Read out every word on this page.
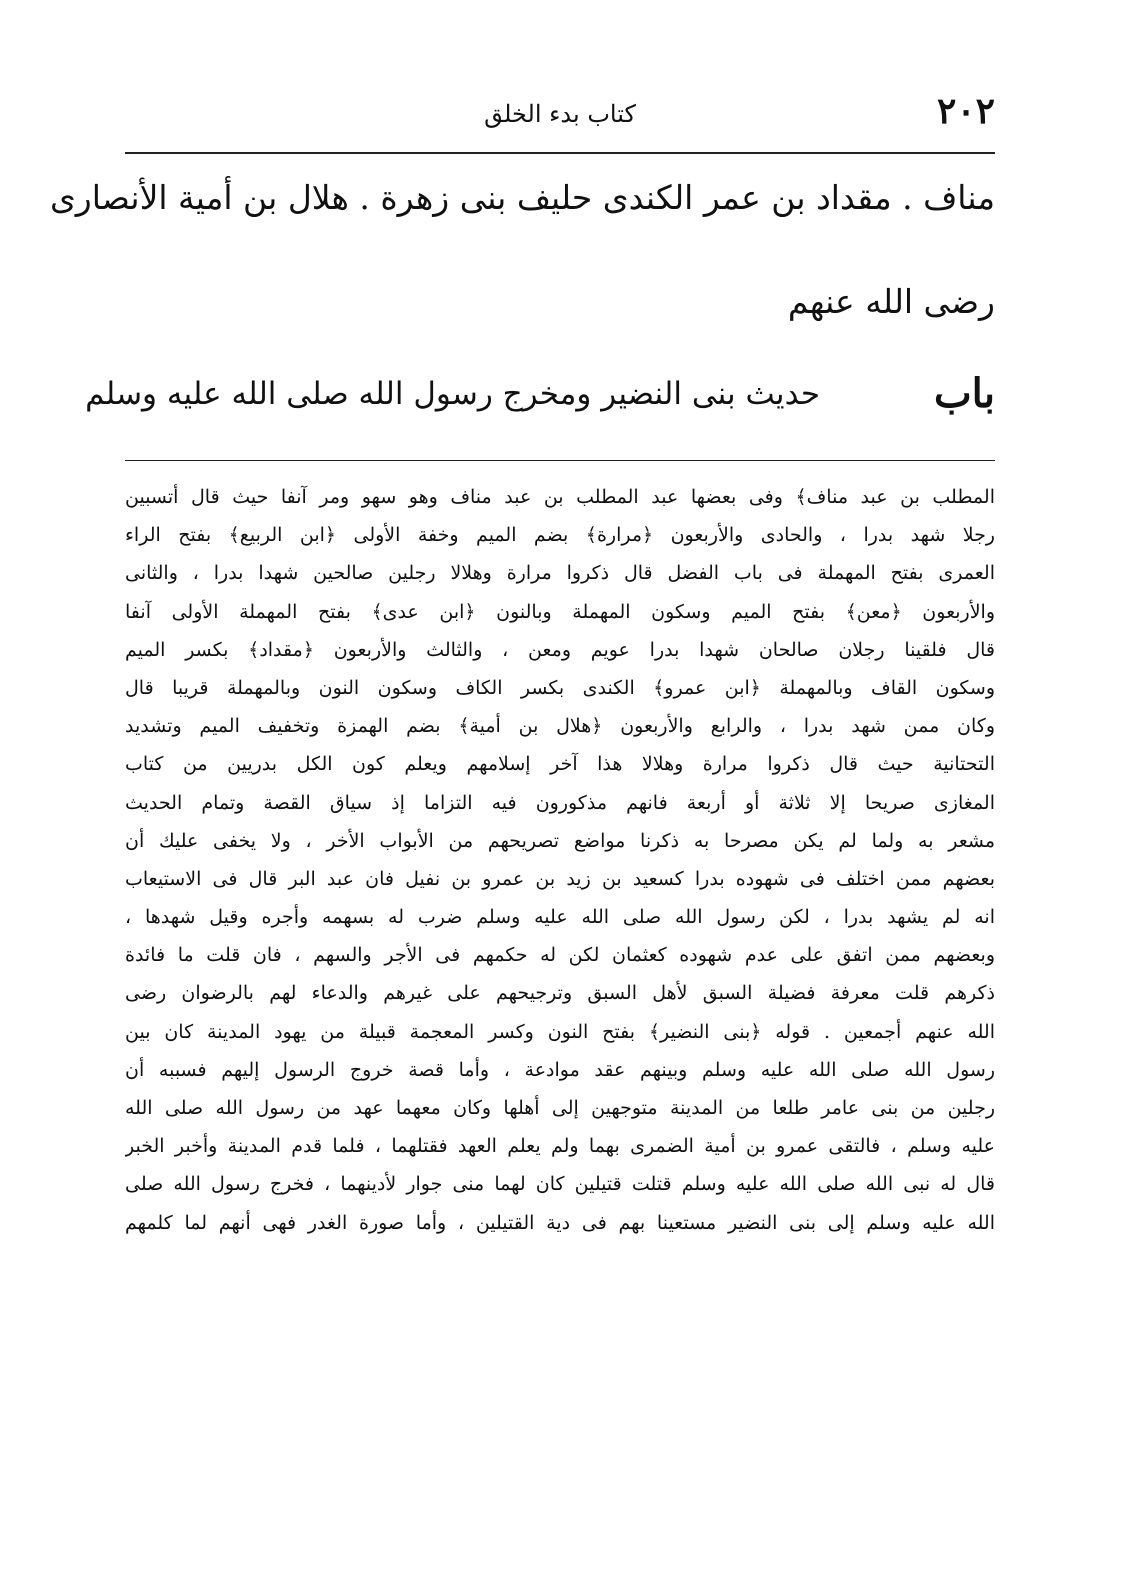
٢٠٢
كتاب بدء الخلق
مناف . مقداد بن عمر الكندى حليف بنى زهرة . هلال بن أمية الأنصارى
رضى الله عنهم
باب
حديث بنى النضير ومخرج رسول الله صلى الله عليه وسلم
المطلب بن عبد مناف﴾ وفى بعضها عبد المطلب بن عبد مناف وهو سهو ومر آنفا حيث قال أتسبين
رجلا شهد بدرا ، والحادى والأربعون ﴿مرارة﴾ بضم الميم وخفة الأولى ﴿ابن الربيع﴾ بفتح الراء
العمرى بفتح المهملة فى باب الفضل قال ذكروا مرارة وهلالا رجلين صالحين شهدا بدرا ، والثانى
والأربعون ﴿معن﴾ بفتح الميم وسكون المهملة وبالنون ﴿ابن عدى﴾ بفتح المهملة الأولى آنفا
قال فلقينا رجلان صالحان شهدا بدرا عويم ومعن ، والثالث والأربعون ﴿مقداد﴾ بكسر الميم
وسكون القاف وبالمهملة ﴿ابن عمرو﴾ الكندى بكسر الكاف وسكون النون وبالمهملة قريبا قال
وكان ممن شهد بدرا ، والرابع والأربعون ﴿هلال بن أمية﴾ بضم الهمزة وتخفيف الميم وتشديد
التحتانية حيث قال ذكروا مرارة وهلالا هذا آخر إسلامهم ويعلم كون الكل بدريين من كتاب
المغازى صريحا إلا ثلاثة أو أربعة فانهم مذكورون فيه التزاما إذ سياق القصة وتمام الحديث
مشعر به ولما لم يكن مصرحا به ذكرنا مواضع تصريحهم من الأبواب الأخر ، ولا يخفى عليك أن
بعضهم ممن اختلف فى شهوده بدرا كسعيد بن زيد بن عمرو بن نفيل فان عبد البر قال فى الاستيعاب
انه لم يشهد بدرا ، لكن رسول الله صلى الله عليه وسلم ضرب له بسهمه وأجره وقيل شهدها ،
وبعضهم ممن اتفق على عدم شهوده كعثمان لكن له حكمهم فى الأجر والسهم ، فان قلت ما فائدة
ذكرهم قلت معرفة فضيلة السبق لأهل السبق وترجيحهم على غيرهم والدعاء لهم بالرضوان رضى
الله عنهم أجمعين . قوله ﴿بنى النضير﴾ بفتح النون وكسر المعجمة قبيلة من يهود المدينة كان بين
رسول الله صلى الله عليه وسلم وبينهم عقد موادعة ، وأما قصة خروج الرسول إليهم فسببه أن
رجلين من بنى عامر طلعا من المدينة متوجهين إلى أهلها وكان معهما عهد من رسول الله صلى الله
عليه وسلم ، فالتقى عمرو بن أمية الضمرى بهما ولم يعلم العهد فقتلهما ، فلما قدم المدينة وأخبر الخبر
قال له نبى الله صلى الله عليه وسلم قتلت قتيلين كان لهما منى جوار لأدينهما ، فخرج رسول الله صلى
الله عليه وسلم إلى بنى النضير مستعينا بهم فى دية القتيلين ، وأما صورة الغدر فهى أنهم لما كلمهم
